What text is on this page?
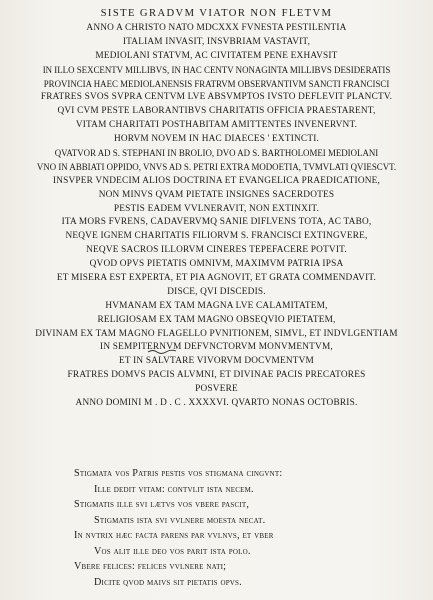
SISTE GRADVM VIATOR NON FLETVM
ANNO A CHRISTO NATO MDCXXX FVNESTA PESTILENTIA
ITALIAM INVASIT, INSVBRIAM VASTAVIT,
MEDIOLANI STATVM, AC CIVITATEM PENE EXHAVSIT
IN ILLO SEXCENTV MILLIBVS, IN HAC CENTV NONAGINTA MILLIBVS DESIDERATIS
PROVINCIA HAEC MEDIOLANENSIS FRATRVM OBSERVANTIVM SANCTI FRANCISCI
FRATRES SVOS SVPRA CENTVM LVE ABSVMPTOS IVSTO DEFLEVIT PLANCTV.
QVI CVM PESTE LABORANTIBVS CHARITATIS OFFICIA PRAESTARENT,
VITAM CHARITATI POSTHABITAM AMITTENTES INVENERVNT.
HORVM NOVEM IN HAC DIAECES ' EXTINCTI.
QVATVOR AD S. STEPHANI IN BROLIO, DVO AD S. BARTHOLOMEI MEDIOLANI
VNO IN ABBIATI OPPIDO, VNVS AD S. PETRI EXTRA MODOETIA, TVMVLATI QVIESCVT.
INSVPER VNDECIM ALIOS DOCTRINA ET EVANGELICA PRAEDICATIONE,
NON MINVS QVAM PIETATE INSIGNES SACERDOTES
PESTIS EADEM VVLNERAVIT, NON EXTINXIT.
ITA MORS FVRENS, CADAVERVMQ SANIE DIFLVENS TOTA, AC TABO,
NEQVE IGNEM CHARITATIS FILIORVM S. FRANCISCI EXTINGVERE,
NEQVE SACROS ILLORVM CINERES TEPEFACERE POTVIT.
QVOD OPVS PIETATIS OMNIVM, MAXIMVM PATRIA IPSA
ET MISERA EST EXPERTA, ET PIA AGNOVIT, ET GRATA COMMENDAVIT.
DISCE, QVI DISCEDIS.
HVMANAM EX TAM MAGNA LVE CALAMITATEM,
RELIGIOSAM EX TAM MAGNO OBSEQVIO PIETATEM,
DIVINAM EX TAM MAGNO FLAGELLO PVNITIONEM, SIMVL, ET INDVLGENTIAM
IN SEMPITERNVM DEFVNCTORVM MONVMENTVM,
ET IN SALVTARE VIVORVM DOCVMENTVM
FRATRES DOMVS PACIS ALVMNI, ET DIVINAE PACIS PRECATORES
POSVERE
ANNO DOMINI M . D . C . XXXXVI. QVARTO NONAS OCTOBRIS.
Stigmata vos Patris pestis vos stigmana cingvnt:
Ille dedit vitam: contvlit ista necem.
Stigmatis ille svi lætvs vos vbere pascit,
Stigmatis ista svi vvlnere moesta necat.
In nvtrix hæc facta parens par vvlnvs, et vber
Vos alit ille deo vos parit ista polo.
Vbere felices: felices vvlnere nati;
Dicite qvod maivs sit pietatis opvs.
